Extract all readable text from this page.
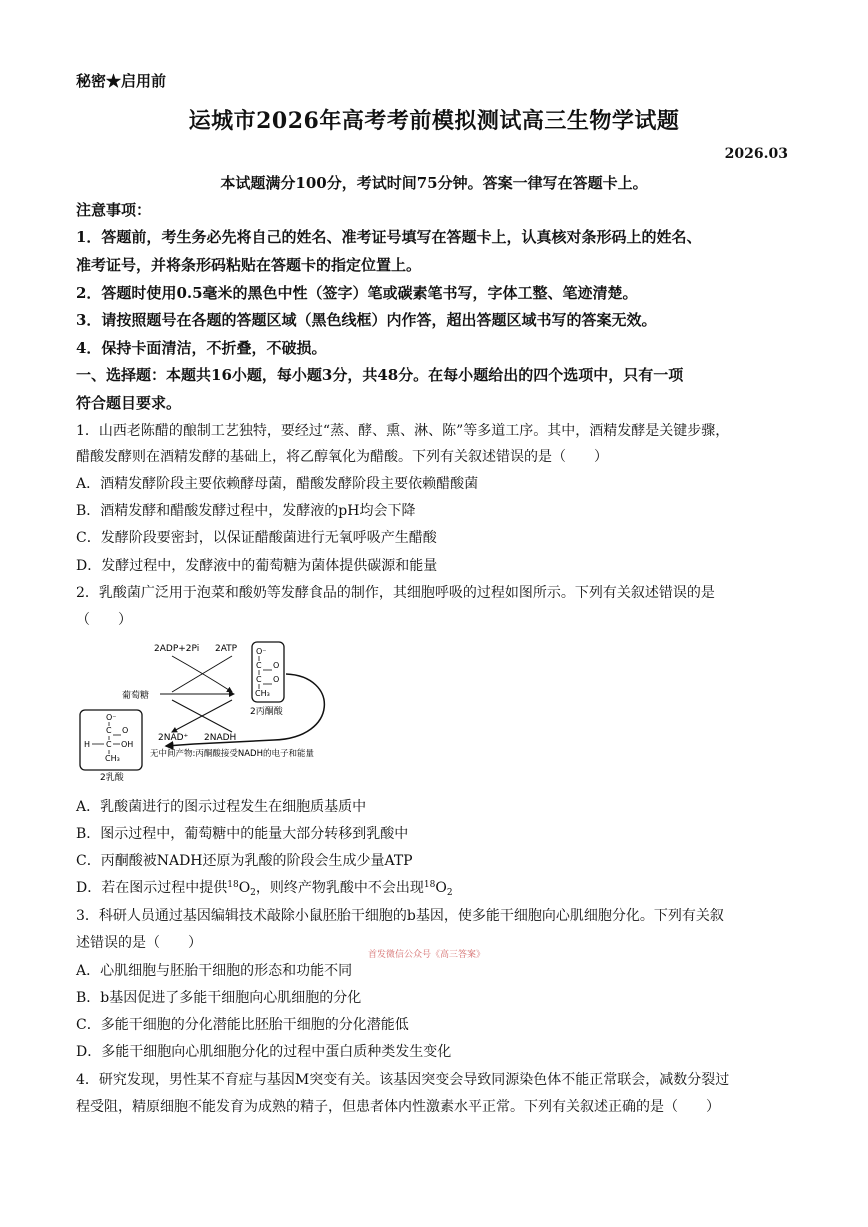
秘密★启用前
运城市2026年高考考前模拟测试高三生物学试题
2026.03
本试题满分100分，考试时间75分钟。答案一律写在答题卡上。
注意事项：
1．答题前，考生务必先将自己的姓名、准考证号填写在答题卡上，认真核对条形码上的姓名、
准考证号，并将条形码粘贴在答题卡的指定位置上。
2．答题时使用0.5毫米的黑色中性（签字）笔或碳素笔书写，字体工整、笔迹清楚。
3．请按照题号在各题的答题区域（黑色线框）内作答，超出答题区域书写的答案无效。
4．保持卡面清洁，不折叠，不破损。
一、选择题：本题共16小题，每小题3分，共48分。在每小题给出的四个选项中，只有一项
符合题目要求。
1．山西老陈醋的酿制工艺独特，要经过“蒸、酵、熏、淋、陈”等多道工序。其中，酒精发酵是关键步骤，
醋酸发酵则在酒精发酵的基础上，将乙醇氧化为醋酸。下列有关叙述错误的是（　　）
A．酒精发酵阶段主要依赖酵母菌，醋酸发酵阶段主要依赖醋酸菌
B．酒精发酵和醋酸发酵过程中，发酵液的pH均会下降
C．发酵阶段要密封，以保证醋酸菌进行无氧呼吸产生醋酸
D．发酵过程中，发酵液中的葡萄糖为菌体提供碳源和能量
2．乳酸菌广泛用于泡菜和酸奶等发酵食品的制作，其细胞呼吸的过程如图所示。下列有关叙述错误的是
（　　）
2ADP+2Pi 2ATP
葡萄糖
2NAD⁺ 2NADH
O⁻
C O
C O
CH₃
2丙酮酸
O⁻
C O
H C OH
CH₃
2乳酸
无中间产物:丙酮酸接受NADH的电子和能量
A．乳酸菌进行的图示过程发生在细胞质基质中
B．图示过程中，葡萄糖中的能量大部分转移到乳酸中
C．丙酮酸被NADH还原为乳酸的阶段会生成少量ATP
D．若在图示过程中提供$^{18}O_2$，则终产物乳酸中不会出现$^{18}O_2$
3．科研人员通过基因编辑技术敲除小鼠胚胎干细胞的b基因，使多能干细胞向心肌细胞分化。下列有关叙
述错误的是（　　）
首发微信公众号《高三答案》
A．心肌细胞与胚胎干细胞的形态和功能不同
B．b基因促进了多能干细胞向心肌细胞的分化
C．多能干细胞的分化潜能比胚胎干细胞的分化潜能低
D．多能干细胞向心肌细胞分化的过程中蛋白质种类发生变化
4．研究发现，男性某不育症与基因M突变有关。该基因突变会导致同源染色体不能正常联会，减数分裂过
程受阻，精原细胞不能发育为成熟的精子，但患者体内性激素水平正常。下列有关叙述正确的是（　　）
